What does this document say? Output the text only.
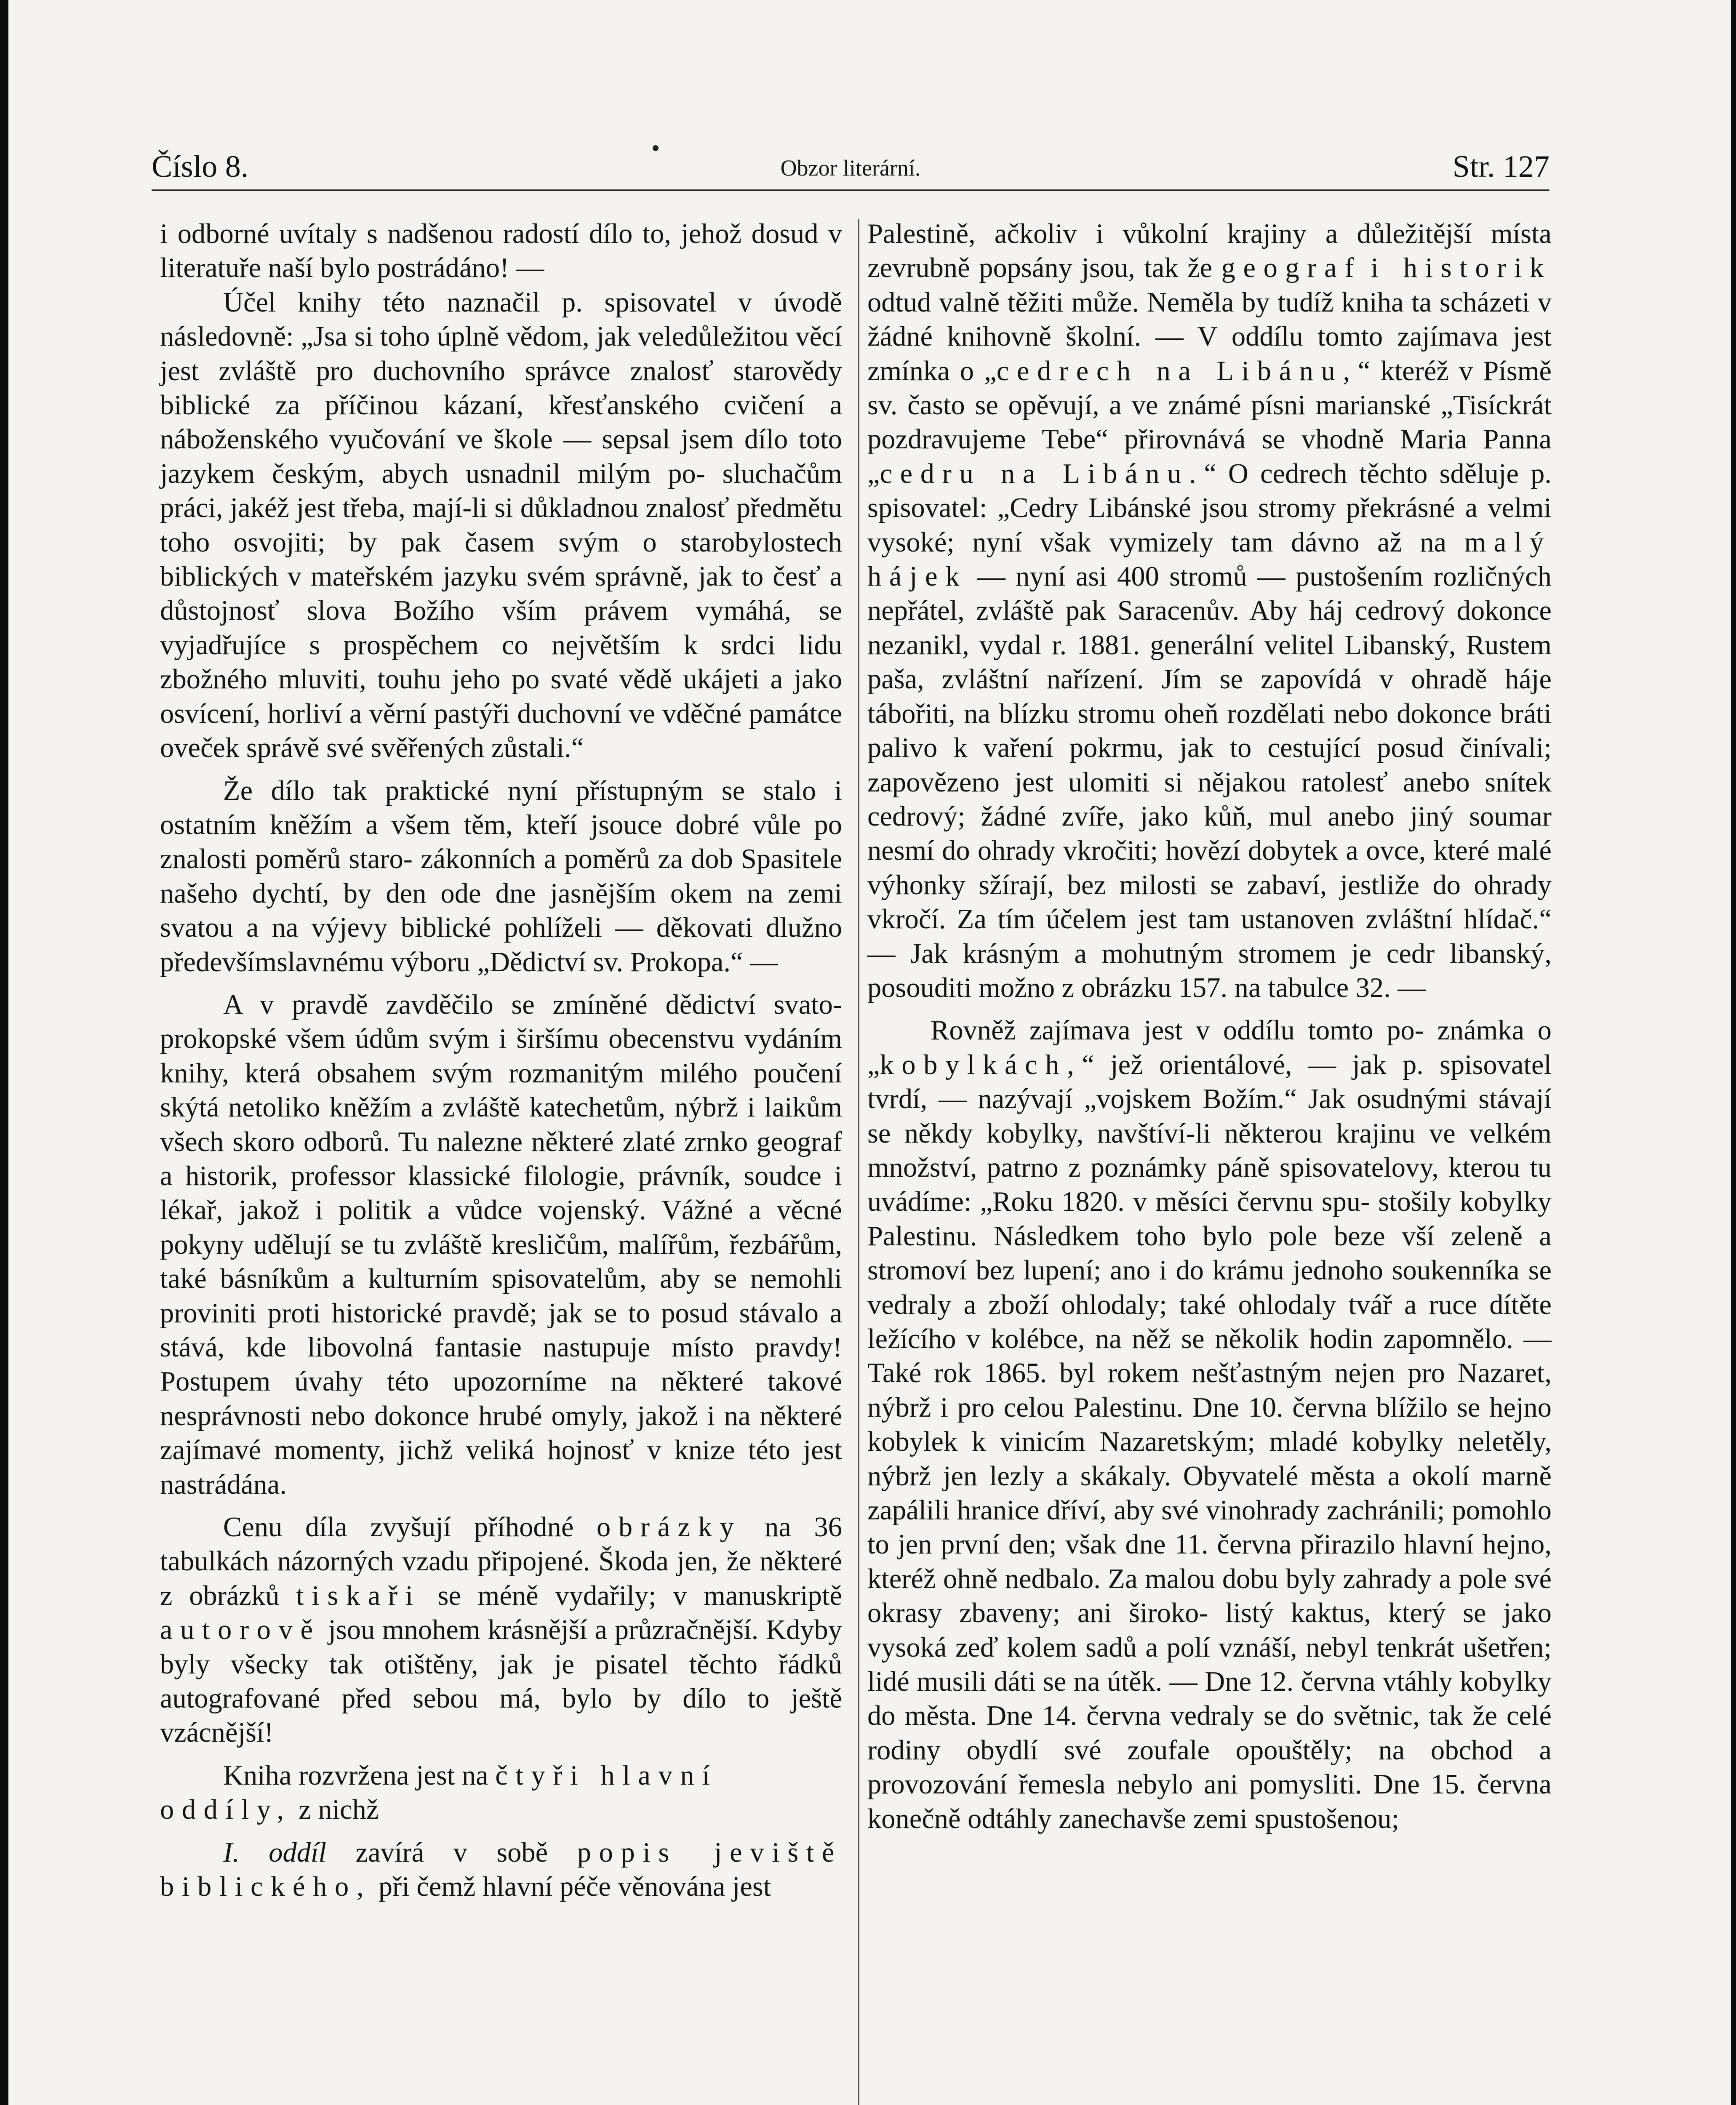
Číslo 8.	Obzor literární.	Str. 127

i odborné uvítaly s nadšenou radostí dílo to, jehož dosud v literatuře naší bylo postrádáno! —

Účel knihy této naznačil p. spisovatel v úvodě následovně: „Jsa si toho úplně vědom, jak veledůležitou věcí jest zvláště pro duchovního správce znalosť starovědy biblické za příčinou kázaní, křesťanského cvičení a náboženského vyučování ve škole — sepsal jsem dílo toto jazykem českým, abych usnadnil milým po- sluchačům práci, jakéž jest třeba, mají-li si důkladnou znalosť předmětu toho osvojiti; by pak časem svým o starobylostech biblických v mateřském jazyku svém správně, jak to česť a důstojnosť slova Božího vším právem vymáhá, se vyjadřujíce s prospěchem co největším k srdci lidu zbožného mluviti, touhu jeho po svaté vědě ukájeti a jako osvícení, horliví a věrní pastýři duchovní ve vděčné památce oveček správě své svěřených zůstali.“

Že dílo tak praktické nyní přístupným se stalo i ostatním kněžím a všem těm, kteří jsouce dobré vůle po znalosti poměrů staro- zákonních a poměrů za dob Spasitele našeho dychtí, by den ode dne jasnějším okem na zemi svatou a na výjevy biblické pohlíželi — děkovati dlužno předevšímslavnému výboru „Dědictví sv. Prokopa.“ —

A v pravdě zavděčilo se zmíněné dědictví svato-prokopské všem údům svým i širšímu obecenstvu vydáním knihy, která obsahem svým rozmanitým milého poučení skýtá netoliko kněžím a zvláště katechetům, nýbrž i laikům všech skoro odborů. Tu nalezne některé zlaté zrnko geograf a historik, professor klassické filologie, právník, soudce i lékař, jakož i politik a vůdce vojenský. Vážné a věcné pokyny udělují se tu zvláště kresličům, malířům, řezbářům, také básníkům a kulturním spisovatelům, aby se nemohli proviniti proti historické pravdě; jak se to posud stávalo a stává, kde libovolná fantasie nastupuje místo pravdy! Postupem úvahy této upozorníme na některé takové nesprávnosti nebo dokonce hrubé omyly, jakož i na některé zajímavé momenty, jichž veliká hojnosť v knize této jest nastrádána.

Cenu díla zvyšují příhodné obrázky na 36 tabulkách názorných vzadu připojené. Škoda jen, že některé z obrázků tiskaři se méně vydařily; v manuskriptě autorově jsou mnohem krásnější a průzračnější. Kdyby byly všecky tak otištěny, jak je pisatel těchto řádků autografované před sebou má, bylo by dílo to ještě vzácnější!

Kniha rozvržena jest na čtyři hlavní
oddíly, z nichž

I. oddíl zavírá v sobě popis jeviště biblického, při čemž hlavní péče věnována jest

Palestině, ačkoliv i vůkolní krajiny a důležitější místa zevrubně popsány jsou, tak že geograf i historik odtud valně těžiti může. Neměla by tudíž kniha ta scházeti v žádné knihovně školní. — V oddílu tomto zajímava jest zmínka o „cedrech na Libánu,“ kteréž v Písmě sv. často se opěvují, a ve známé písni marianské „Tisíckrát pozdravujeme Tebe“ přirovnává se vhodně Maria Panna „cedru na Libánu.“ O cedrech těchto sděluje p. spisovatel: „Cedry Libánské jsou stromy překrásné a velmi vysoké; nyní však vymizely tam dávno až na malý hájek — nyní asi 400 stromů — pustošením rozličných nepřátel, zvláště pak Saracenův. Aby háj cedrový dokonce nezanikl, vydal r. 1881. generální velitel Libanský, Rustem paša, zvláštní nařízení. Jím se zapovídá v ohradě háje tábořiti, na blízku stromu oheň rozdělati nebo dokonce bráti palivo k vaření pokrmu, jak to cestující posud činívali; zapovězeno jest ulomiti si nějakou ratolesť anebo snítek cedrový; žádné zvíře, jako kůň, mul anebo jiný soumar nesmí do ohrady vkročiti; hovězí dobytek a ovce, které malé výhonky sžírají, bez milosti se zabaví, jestliže do ohrady vkročí. Za tím účelem jest tam ustanoven zvláštní hlídač.“ — Jak krásným a mohutným stromem je cedr libanský, posouditi možno z obrázku 157. na tabulce 32. —

Rovněž zajímava jest v oddílu tomto po- známka o „kobylkách,“ jež orientálové, — jak p. spisovatel tvrdí, — nazývají „vojskem Božím.“ Jak osudnými stávají se někdy kobylky, navštíví-li některou krajinu ve velkém množství, patrno z poznámky páně spisovatelovy, kterou tu uvádíme: „Roku 1820. v měsíci červnu spu- stošily kobylky Palestinu. Následkem toho bylo pole beze vší zeleně a stromoví bez lupení; ano i do krámu jednoho soukenníka se vedraly a zboží ohlodaly; také ohlodaly tvář a ruce dítěte ležícího v kolébce, na něž se několik hodin zapomnělo. — Také rok 1865. byl rokem nešťastným nejen pro Nazaret, nýbrž i pro celou Palestinu. Dne 10. června blížilo se hejno kobylek k vinicím Nazaretským; mladé kobylky neletěly, nýbrž jen lezly a skákaly. Obyvatelé města a okolí marně zapálili hranice dříví, aby své vinohrady zachránili; pomohlo to jen první den; však dne 11. června přirazilo hlavní hejno, kteréž ohně nedbalo. Za malou dobu byly zahrady a pole své okrasy zbaveny; ani široko- listý kaktus, který se jako vysoká zeď kolem sadů a polí vznáší, nebyl tenkrát ušetřen; lidé musili dáti se na útěk. — Dne 12. června vtáhly kobylky do města. Dne 14. června vedraly se do světnic, tak že celé rodiny obydlí své zoufale opouštěly; na obchod a provozování řemesla nebylo ani pomysliti. Dne 15. června konečně odtáhly zanechavše zemi spustošenou;
